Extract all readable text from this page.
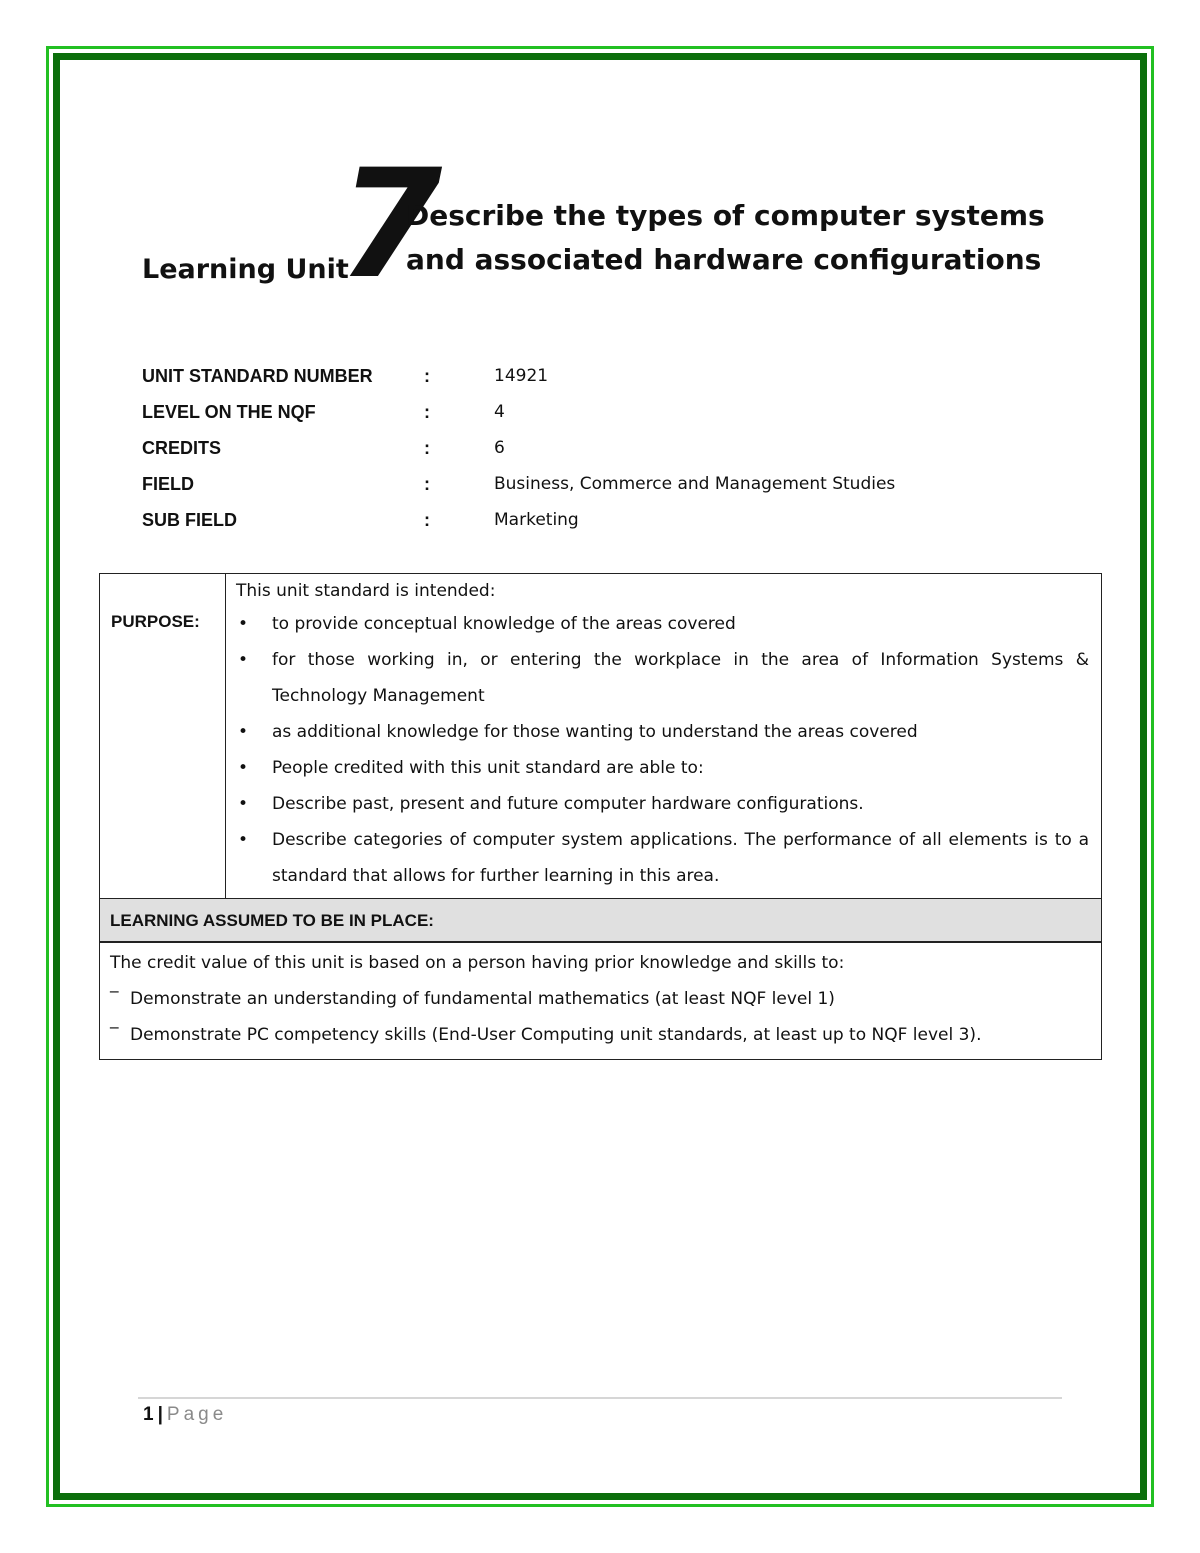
Learning Unit
7
Describe the types of computer systems and associated hardware configurations
UNIT STANDARD NUMBER	:	14921
LEVEL ON THE NQF	:	4
CREDITS	:	6
FIELD	:	Business, Commerce and Management Studies
SUB FIELD	:	Marketing
PURPOSE:
This unit standard is intended:
• to provide conceptual knowledge of the areas covered
• for those working in, or entering the workplace in the area of Information Systems & Technology Management
• as additional knowledge for those wanting to understand the areas covered
• People credited with this unit standard are able to:
• Describe past, present and future computer hardware configurations.
• Describe categories of computer system applications. The performance of all elements is to a standard that allows for further learning in this area.
LEARNING ASSUMED TO BE IN PLACE:
The credit value of this unit is based on a person having prior knowledge and skills to:
‾ Demonstrate an understanding of fundamental mathematics (at least NQF level 1)
‾ Demonstrate PC competency skills (End-User Computing unit standards, at least up to NQF level 3).
1 | Page
